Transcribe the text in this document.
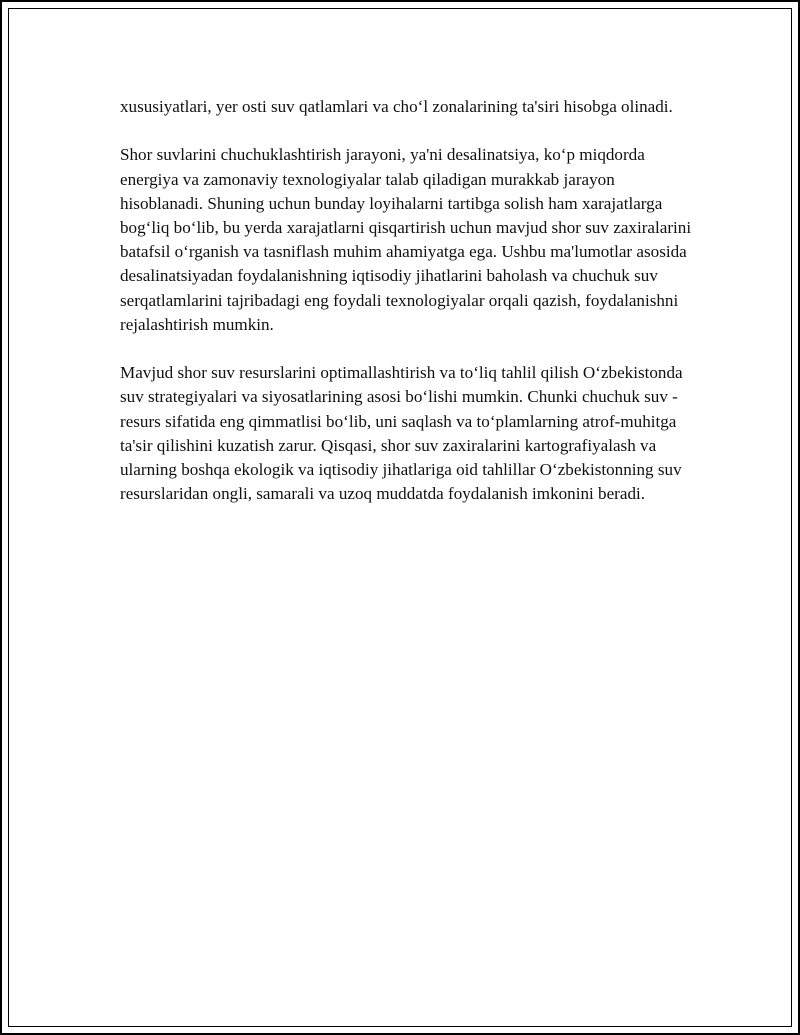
xususiyatlari, yer osti suv qatlamlari va cho‘l zonalarining ta'siri hisobga olinadi.

Shor suvlarini chuchuklashtirish jarayoni, ya'ni desalinatsiya, ko‘p miqdorda energiya va zamonaviy texnologiyalar talab qiladigan murakkab jarayon hisoblanadi. Shuning uchun bunday loyihalarni tartibga solish ham xarajatlarga bog‘liq bo‘lib, bu yerda xarajatlarni qisqartirish uchun mavjud shor suv zaxiralarini batafsil o‘rganish va tasniflash muhim ahamiyatga ega. Ushbu ma'lumotlar asosida desalinatsiyadan foydalanishning iqtisodiy jihatlarini baholash va chuchuk suv serqatlamlarini tajribadagi eng foydali texnologiyalar orqali qazish, foydalanishni rejalashtirish mumkin.

Mavjud shor suv resurslarini optimallashtirish va to‘liq tahlil qilish O‘zbekistonda suv strategiyalari va siyosatlarining asosi bo‘lishi mumkin. Chunki chuchuk suv - resurs sifatida eng qimmatlisi bo‘lib, uni saqlash va to‘plamlarning atrof-muhitga ta'sir qilishini kuzatish zarur. Qisqasi, shor suv zaxiralarini kartografiyalash va ularning boshqa ekologik va iqtisodiy jihatlariga oid tahlillar O‘zbekistonning suv resurslaridan ongli, samarali va uzoq muddatda foydalanish imkonini beradi.
